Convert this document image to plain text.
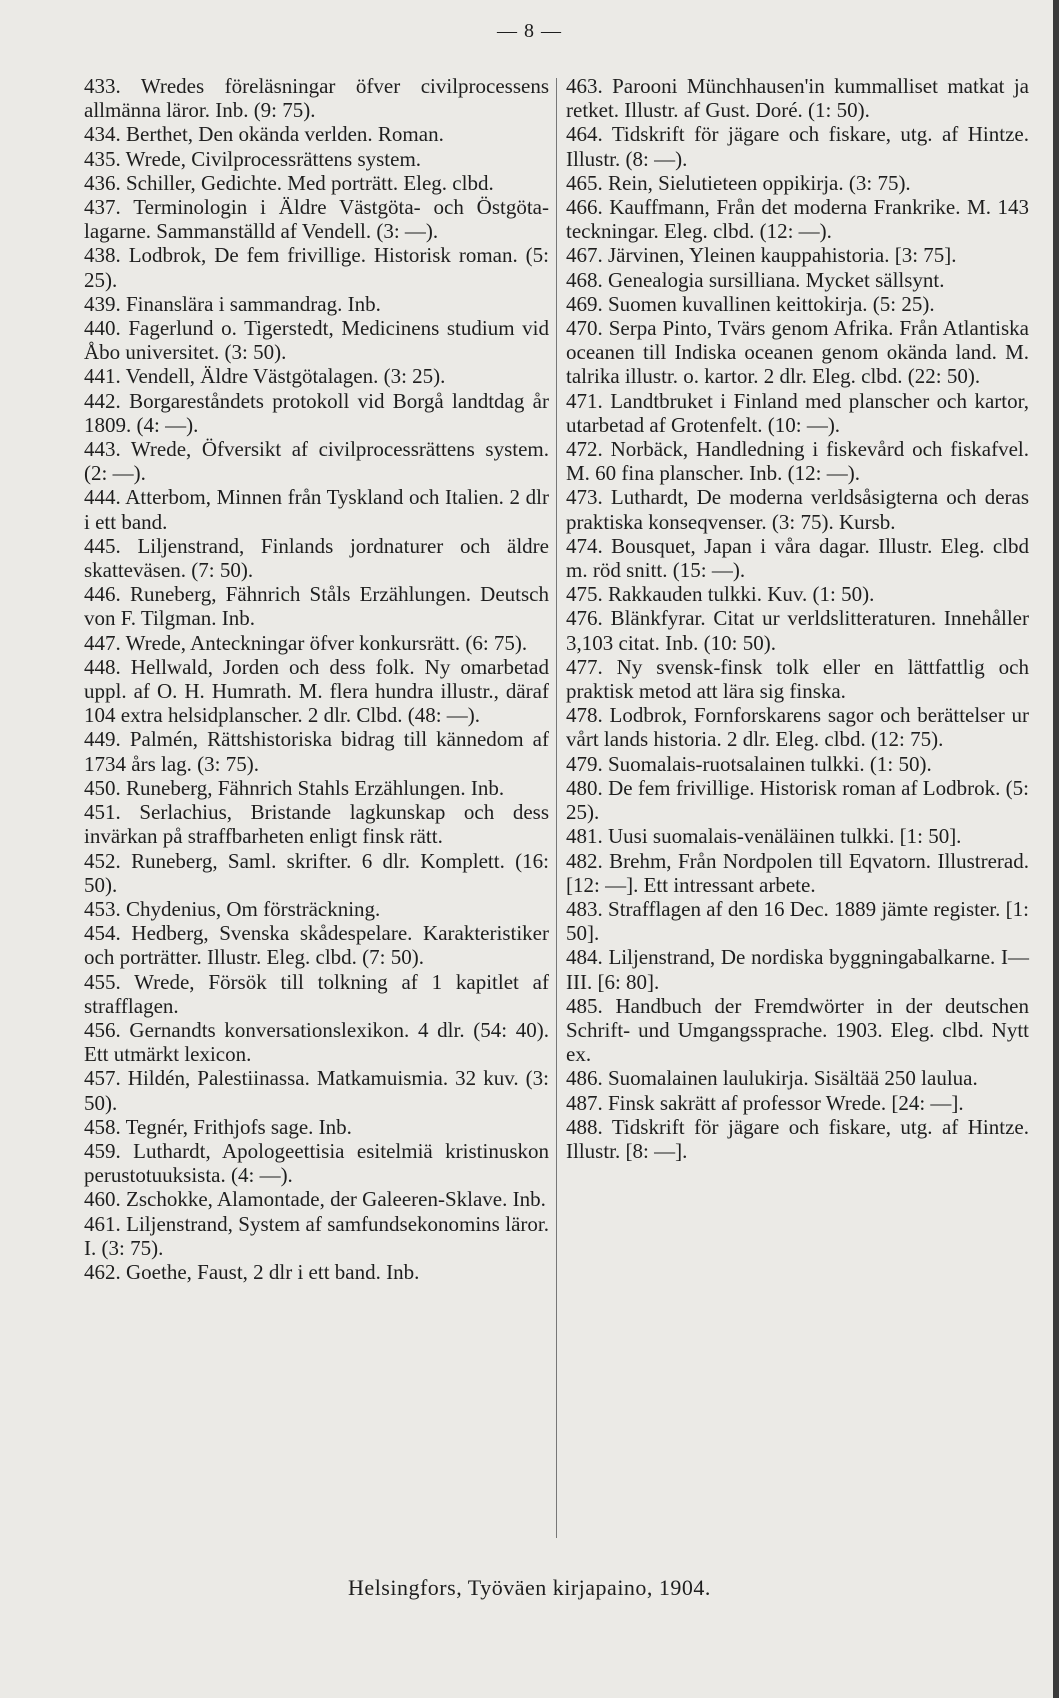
— 8 —

433. Wredes föreläsningar öfver civilprocessens allmänna läror. Inb. (9: 75).

434. Berthet, Den okända verlden. Roman.

435. Wrede, Civilprocessrättens system.

436. Schiller, Gedichte. Med porträtt. Eleg. clbd.

437. Terminologin i Äldre Västgöta- och Östgöta-lagarne. Sammanställd af Vendell. (3: —).

438. Lodbrok, De fem frivillige. Historisk roman. (5: 25).

439. Finanslära i sammandrag. Inb.

440. Fagerlund o. Tigerstedt, Medicinens studium vid Åbo universitet. (3: 50).

441. Vendell, Äldre Västgötalagen. (3: 25).

442. Borgareståndets protokoll vid Borgå landtdag år 1809. (4: —).

443. Wrede, Öfversikt af civilprocessrättens system. (2: —).

444. Atterbom, Minnen från Tyskland och Italien. 2 dlr i ett band.

445. Liljenstrand, Finlands jordnaturer och äldre skatteväsen. (7: 50).

446. Runeberg, Fähnrich Ståls Erzählungen. Deutsch von F. Tilgman. Inb.

447. Wrede, Anteckningar öfver konkursrätt. (6: 75).

448. Hellwald, Jorden och dess folk. Ny omarbetad uppl. af O. H. Humrath. M. flera hundra illustr., däraf 104 extra helsidplanscher. 2 dlr. Clbd. (48: —).

449. Palmén, Rättshistoriska bidrag till kännedom af 1734 års lag. (3: 75).

450. Runeberg, Fähnrich Stahls Erzählungen. Inb.

451. Serlachius, Bristande lagkunskap och dess invärkan på straffbarheten enligt finsk rätt.

452. Runeberg, Saml. skrifter. 6 dlr. Komplett. (16: 50).

453. Chydenius, Om försträckning.

454. Hedberg, Svenska skådespelare. Karakteristiker och porträtter. Illustr. Eleg. clbd. (7: 50).

455. Wrede, Försök till tolkning af 1 kapitlet af strafflagen.

456. Gernandts konversationslexikon. 4 dlr. (54: 40). Ett utmärkt lexicon.

457. Hildén, Palestiinassa. Matkamuismia. 32 kuv. (3: 50).

458. Tegnér, Frithjofs sage. Inb.

459. Luthardt, Apologeettisia esitelmiä kristinuskon perustotuuksista. (4: —).

460. Zschokke, Alamontade, der Galeeren-Sklave. Inb.

461. Liljenstrand, System af samfundsekonomins läror. I. (3: 75).

462. Goethe, Faust, 2 dlr i ett band. Inb.

463. Parooni Münchhausen'in kummalliset matkat ja retket. Illustr. af Gust. Doré. (1: 50).

464. Tidskrift för jägare och fiskare, utg. af Hintze. Illustr. (8: —).

465. Rein, Sielutieteen oppikirja. (3: 75).

466. Kauffmann, Från det moderna Frankrike. M. 143 teckningar. Eleg. clbd. (12: —).

467. Järvinen, Yleinen kauppahistoria. [3: 75].

468. Genealogia sursilliana. Mycket sällsynt.

469. Suomen kuvallinen keittokirja. (5: 25).

470. Serpa Pinto, Tvärs genom Afrika. Från Atlantiska oceanen till Indiska oceanen genom okända land. M. talrika illustr. o. kartor. 2 dlr. Eleg. clbd. (22: 50).

471. Landtbruket i Finland med planscher och kartor, utarbetad af Grotenfelt. (10: —).

472. Norbäck, Handledning i fiskevård och fiskafvel. M. 60 fina planscher. Inb. (12: —).

473. Luthardt, De moderna verldsåsigterna och deras praktiska konseqvenser. (3: 75). Kursb.

474. Bousquet, Japan i våra dagar. Illustr. Eleg. clbd m. röd snitt. (15: —).

475. Rakkauden tulkki. Kuv. (1: 50).

476. Blänkfyrar. Citat ur verldslitteraturen. Innehåller 3,103 citat. Inb. (10: 50).

477. Ny svensk-finsk tolk eller en lättfattlig och praktisk metod att lära sig finska.

478. Lodbrok, Fornforskarens sagor och berättelser ur vårt lands historia. 2 dlr. Eleg. clbd. (12: 75).

479. Suomalais-ruotsalainen tulkki. (1: 50).

480. De fem frivillige. Historisk roman af Lodbrok. (5: 25).

481. Uusi suomalais-venäläinen tulkki. [1: 50].

482. Brehm, Från Nordpolen till Eqvatorn. Illustrerad. [12: —]. Ett intressant arbete.

483. Strafflagen af den 16 Dec. 1889 jämte register. [1: 50].

484. Liljenstrand, De nordiska byggningabalkarne. I—III. [6: 80].

485. Handbuch der Fremdwörter in der deutschen Schrift- und Umgangssprache. 1903. Eleg. clbd. Nytt ex.

486. Suomalainen laulukirja. Sisältää 250 laulua.

487. Finsk sakrätt af professor Wrede. [24: —].

488. Tidskrift för jägare och fiskare, utg. af Hintze. Illustr. [8: —].

Helsingfors, Työväen kirjapaino, 1904.
